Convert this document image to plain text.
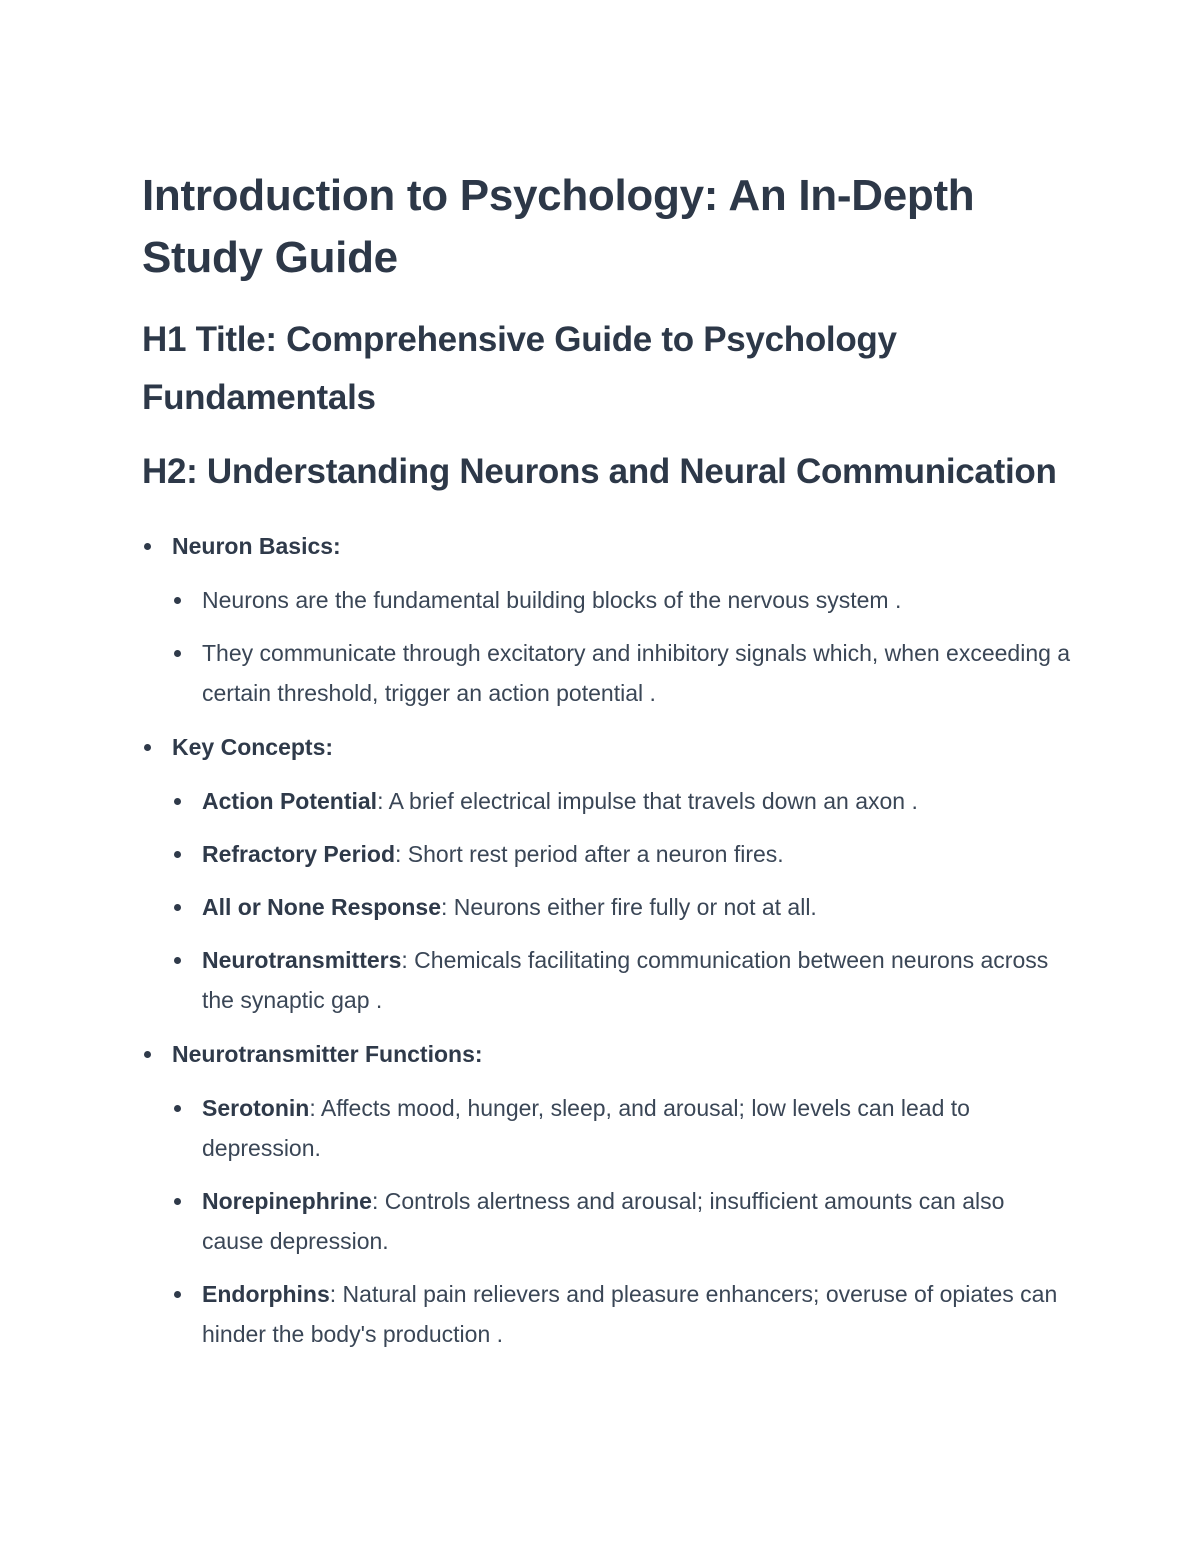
Introduction to Psychology: An In-Depth Study Guide
H1 Title: Comprehensive Guide to Psychology Fundamentals
H2: Understanding Neurons and Neural Communication
Neuron Basics:
Neurons are the fundamental building blocks of the nervous system .
They communicate through excitatory and inhibitory signals which, when exceeding a certain threshold, trigger an action potential .
Key Concepts:
Action Potential: A brief electrical impulse that travels down an axon .
Refractory Period: Short rest period after a neuron fires.
All or None Response: Neurons either fire fully or not at all.
Neurotransmitters: Chemicals facilitating communication between neurons across the synaptic gap .
Neurotransmitter Functions:
Serotonin: Affects mood, hunger, sleep, and arousal; low levels can lead to depression.
Norepinephrine: Controls alertness and arousal; insufficient amounts can also cause depression.
Endorphins: Natural pain relievers and pleasure enhancers; overuse of opiates can hinder the body's production .
